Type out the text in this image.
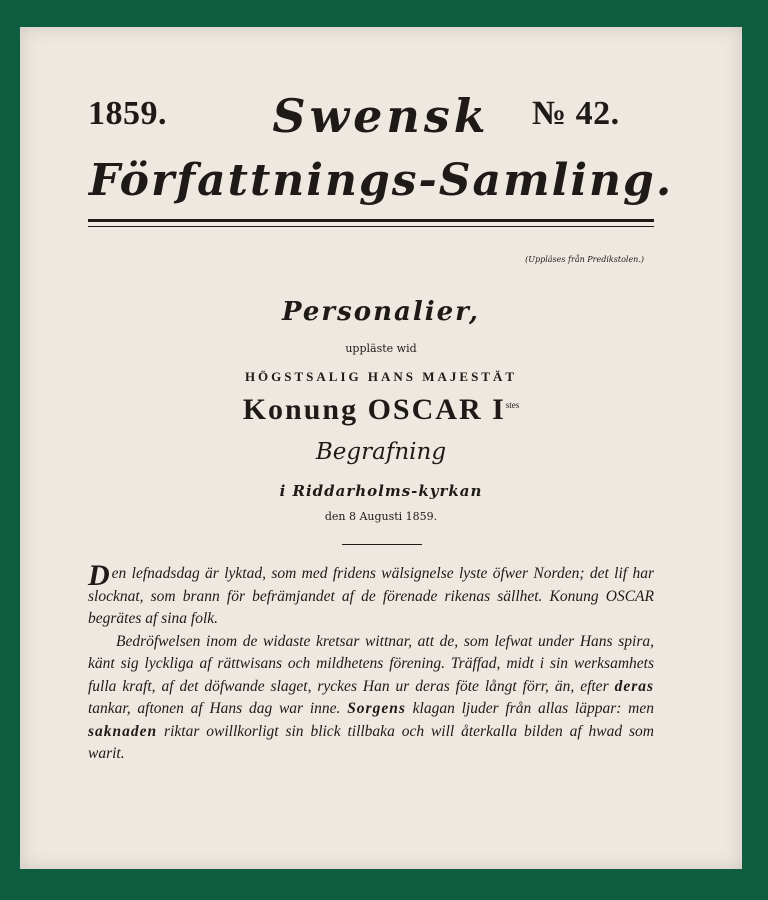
1859.	Swensk	№ 42.
Författnings-Samling.
(Uppläses från Predikstolen.)
Personalier,
uppläste wid
HÖGSTSALIG HANS MAJESTÄT
Konung OSCAR $I^{stes}$
Begrafning
i Riddarholms-kyrkan
den 8 Augusti 1859.

Den lefnadsdag är lyktad, som med fridens wälsignelse lyste öfwer Norden; det lif har slocknat, som brann för befrämjandet af de förenade rikenas sällhet. Konung OSCAR begrätes af sina folk.

Bedröfwelsen inom de widaste kretsar wittnar, att de, som lefwat under Hans spira, känt sig lyckliga af rättwisans och mildhetens förening. Träffad, midt i sin werksamhets fulla kraft, af det döfwande slaget, ryckes Han ur deras föte långt förr, än, efter deras tankar, aftonen af Hans dag war inne. Sorgens klagan ljuder från allas läppar: men saknaden riktar owillkorligt sin blick tillbaka och will återkalla bilden af hwad som warit.
